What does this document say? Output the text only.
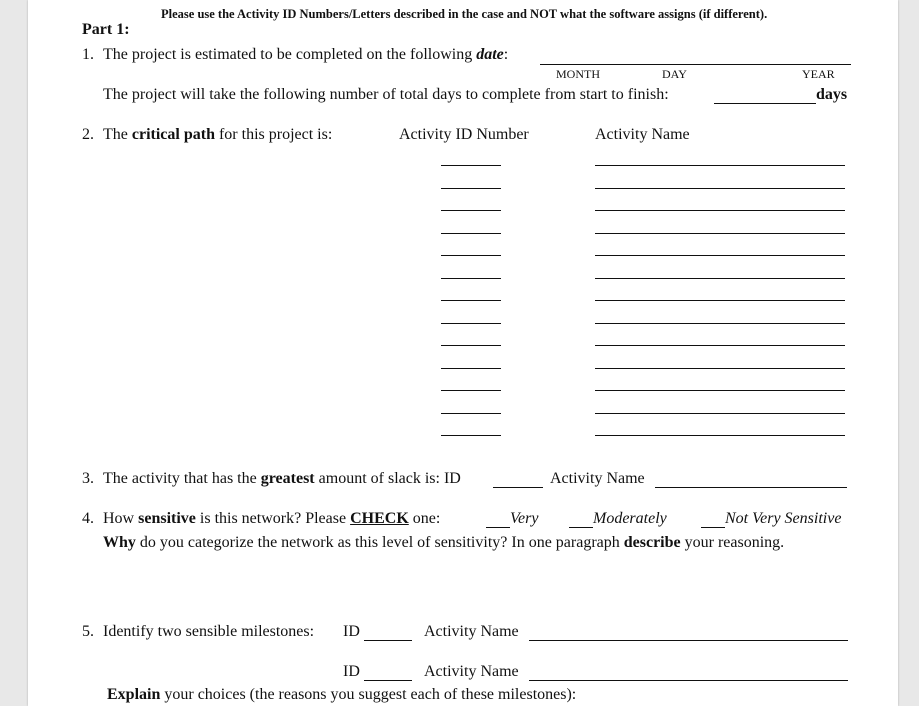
Please use the Activity ID Numbers/Letters described in the case and NOT what the software assigns (if different).
Part 1:
1. The project is estimated to be completed on the following date:
MONTH	DAY	YEAR
The project will take the following number of total days to complete from start to finish:	days
2. The critical path for this project is:	Activity ID Number	Activity Name
3. The activity that has the greatest amount of slack is: ID	Activity Name
4. How sensitive is this network? Please CHECK one:	Very	Moderately	Not Very Sensitive
Why do you categorize the network as this level of sensitivity? In one paragraph describe your reasoning.
5. Identify two sensible milestones: ID	Activity Name
ID	Activity Name
Explain your choices (the reasons you suggest each of these milestones):
